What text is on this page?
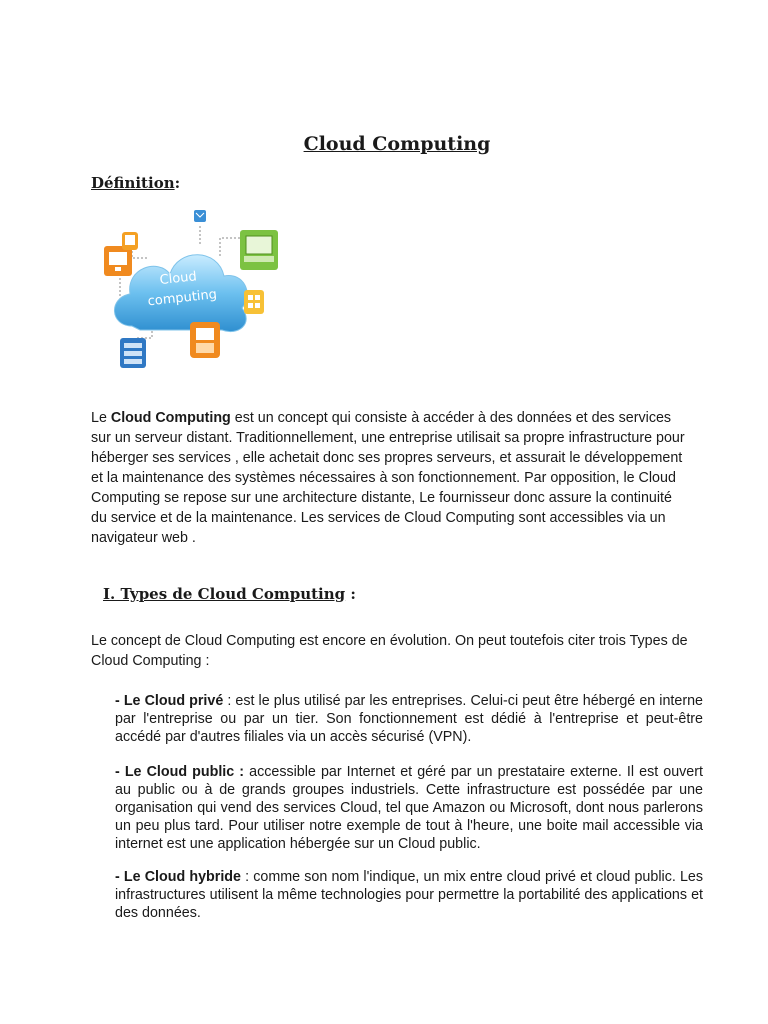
Cloud Computing
Définition:
Cloud
computing
Le Cloud Computing est un concept qui consiste à accéder à des données et des services sur un serveur distant. Traditionnellement, une entreprise utilisait sa propre infrastructure pour héberger ses services , elle achetait donc ses propres serveurs, et assurait le développement et la maintenance des systèmes nécessaires à son fonctionnement. Par opposition, le Cloud Computing se repose sur une architecture distante, Le fournisseur donc assure la continuité du service et de la maintenance. Les services de Cloud Computing sont accessibles via un navigateur web .
I. Types de Cloud Computing :
Le concept de Cloud Computing est encore en évolution. On peut toutefois citer trois Types de Cloud Computing :
- Le Cloud privé : est le plus utilisé par les entreprises. Celui-ci peut être hébergé en interne par l'entreprise ou par un tier. Son fonctionnement est dédié à l'entreprise et peut-être accédé par d'autres filiales via un accès sécurisé (VPN).
- Le Cloud public : accessible par Internet et géré par un prestataire externe. Il est ouvert au public ou à de grands groupes industriels. Cette infrastructure est possédée par une organisation qui vend des services Cloud, tel que Amazon ou Microsoft, dont nous parlerons un peu plus tard. Pour utiliser notre exemple de tout à l'heure, une boite mail accessible via internet est une application hébergée sur un Cloud public.
- Le Cloud hybride : comme son nom l'indique, un mix entre cloud privé et cloud public. Les infrastructures utilisent la même technologies pour permettre la portabilité des applications et des données.
